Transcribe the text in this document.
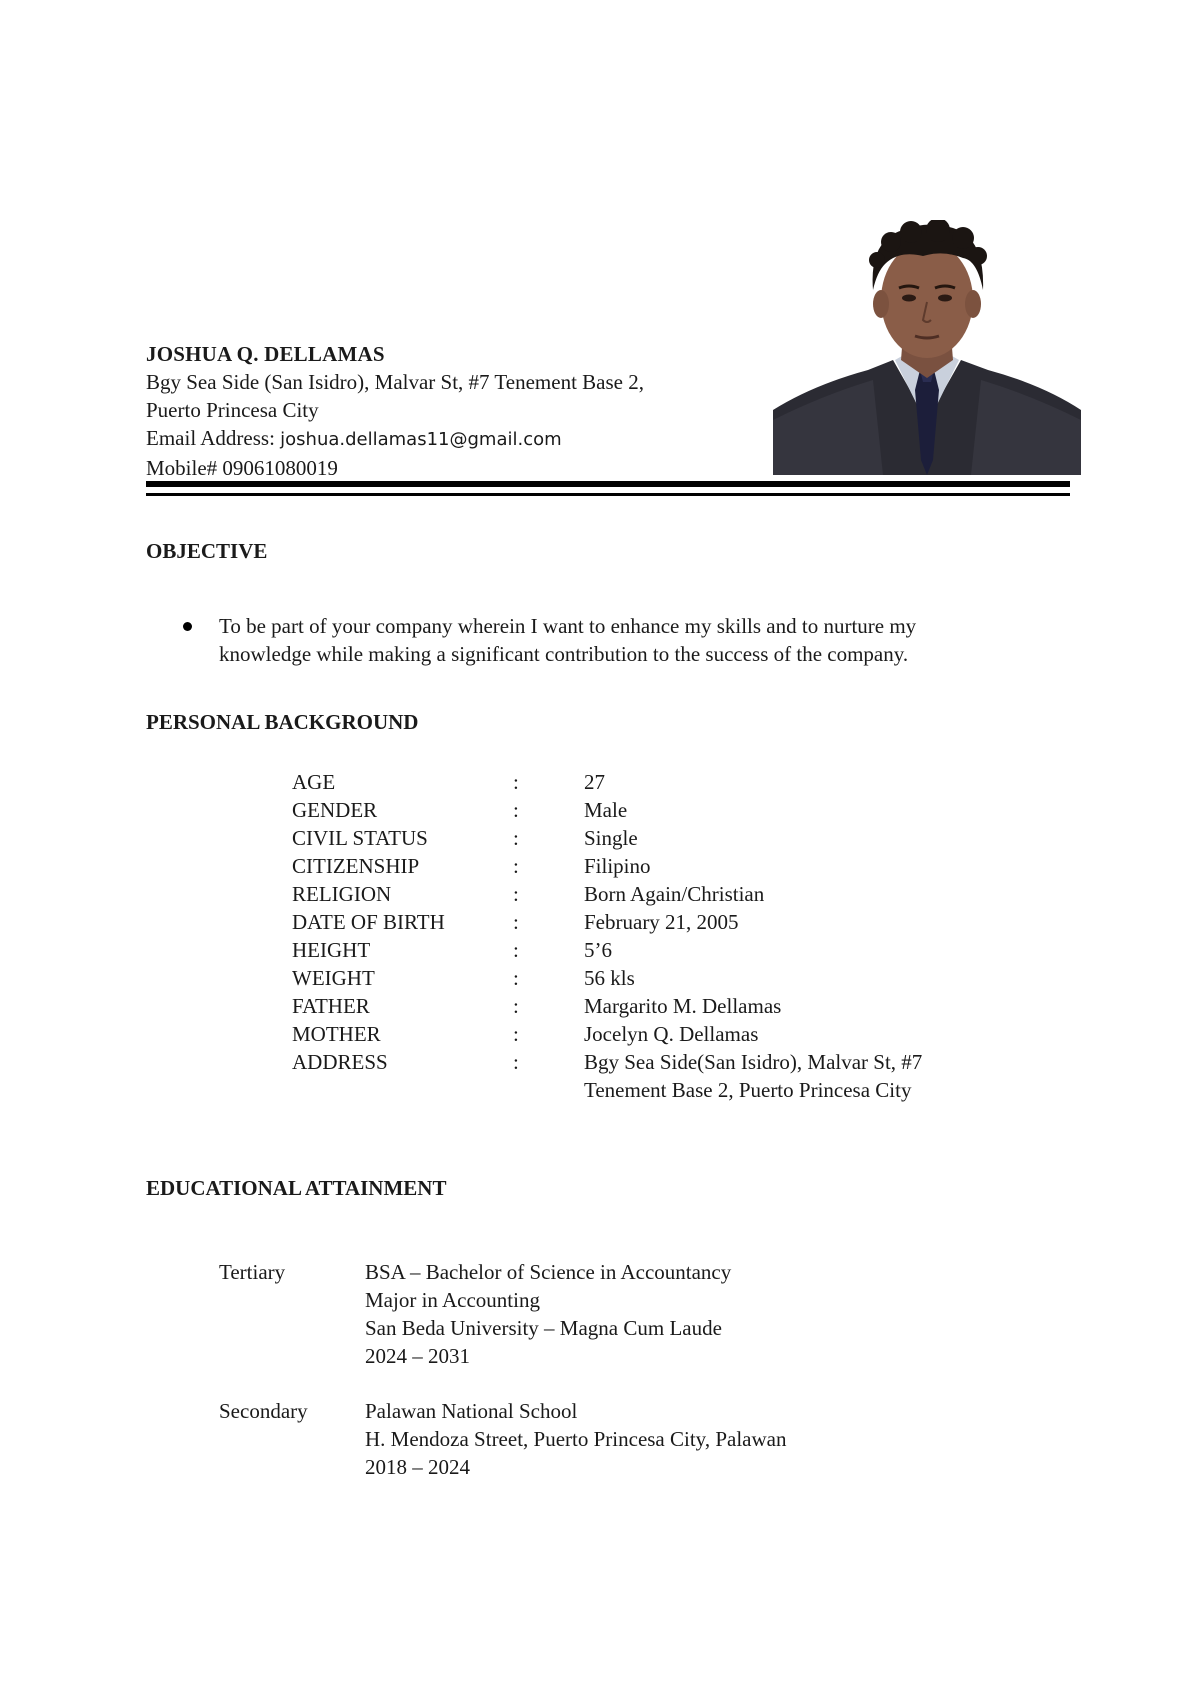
JOSHUA Q. DELLAMAS
Bgy Sea Side (San Isidro), Malvar St, #7 Tenement Base 2,
Puerto Princesa City
Email Address: joshua.dellamas11@gmail.com
Mobile# 09061080019
OBJECTIVE
To be part of your company wherein I want to enhance my skills and to nurture my
knowledge while making a significant contribution to the success of the company.
PERSONAL BACKGROUND
AGE	:	27
GENDER	:	Male
CIVIL STATUS	:	Single
CITIZENSHIP	:	Filipino
RELIGION	:	Born Again/Christian
DATE OF BIRTH	:	February 21, 2005
HEIGHT	:	5’6
WEIGHT	:	56 kls
FATHER	:	Margarito M. Dellamas
MOTHER	:	Jocelyn Q. Dellamas
ADDRESS	:	Bgy Sea Side(San Isidro), Malvar St, #7
Tenement Base 2, Puerto Princesa City
EDUCATIONAL ATTAINMENT
Tertiary	BSA – Bachelor of Science in Accountancy
Major in Accounting
San Beda University – Magna Cum Laude
2024 – 2031
Secondary	Palawan National School
H. Mendoza Street, Puerto Princesa City, Palawan
2018 – 2024
